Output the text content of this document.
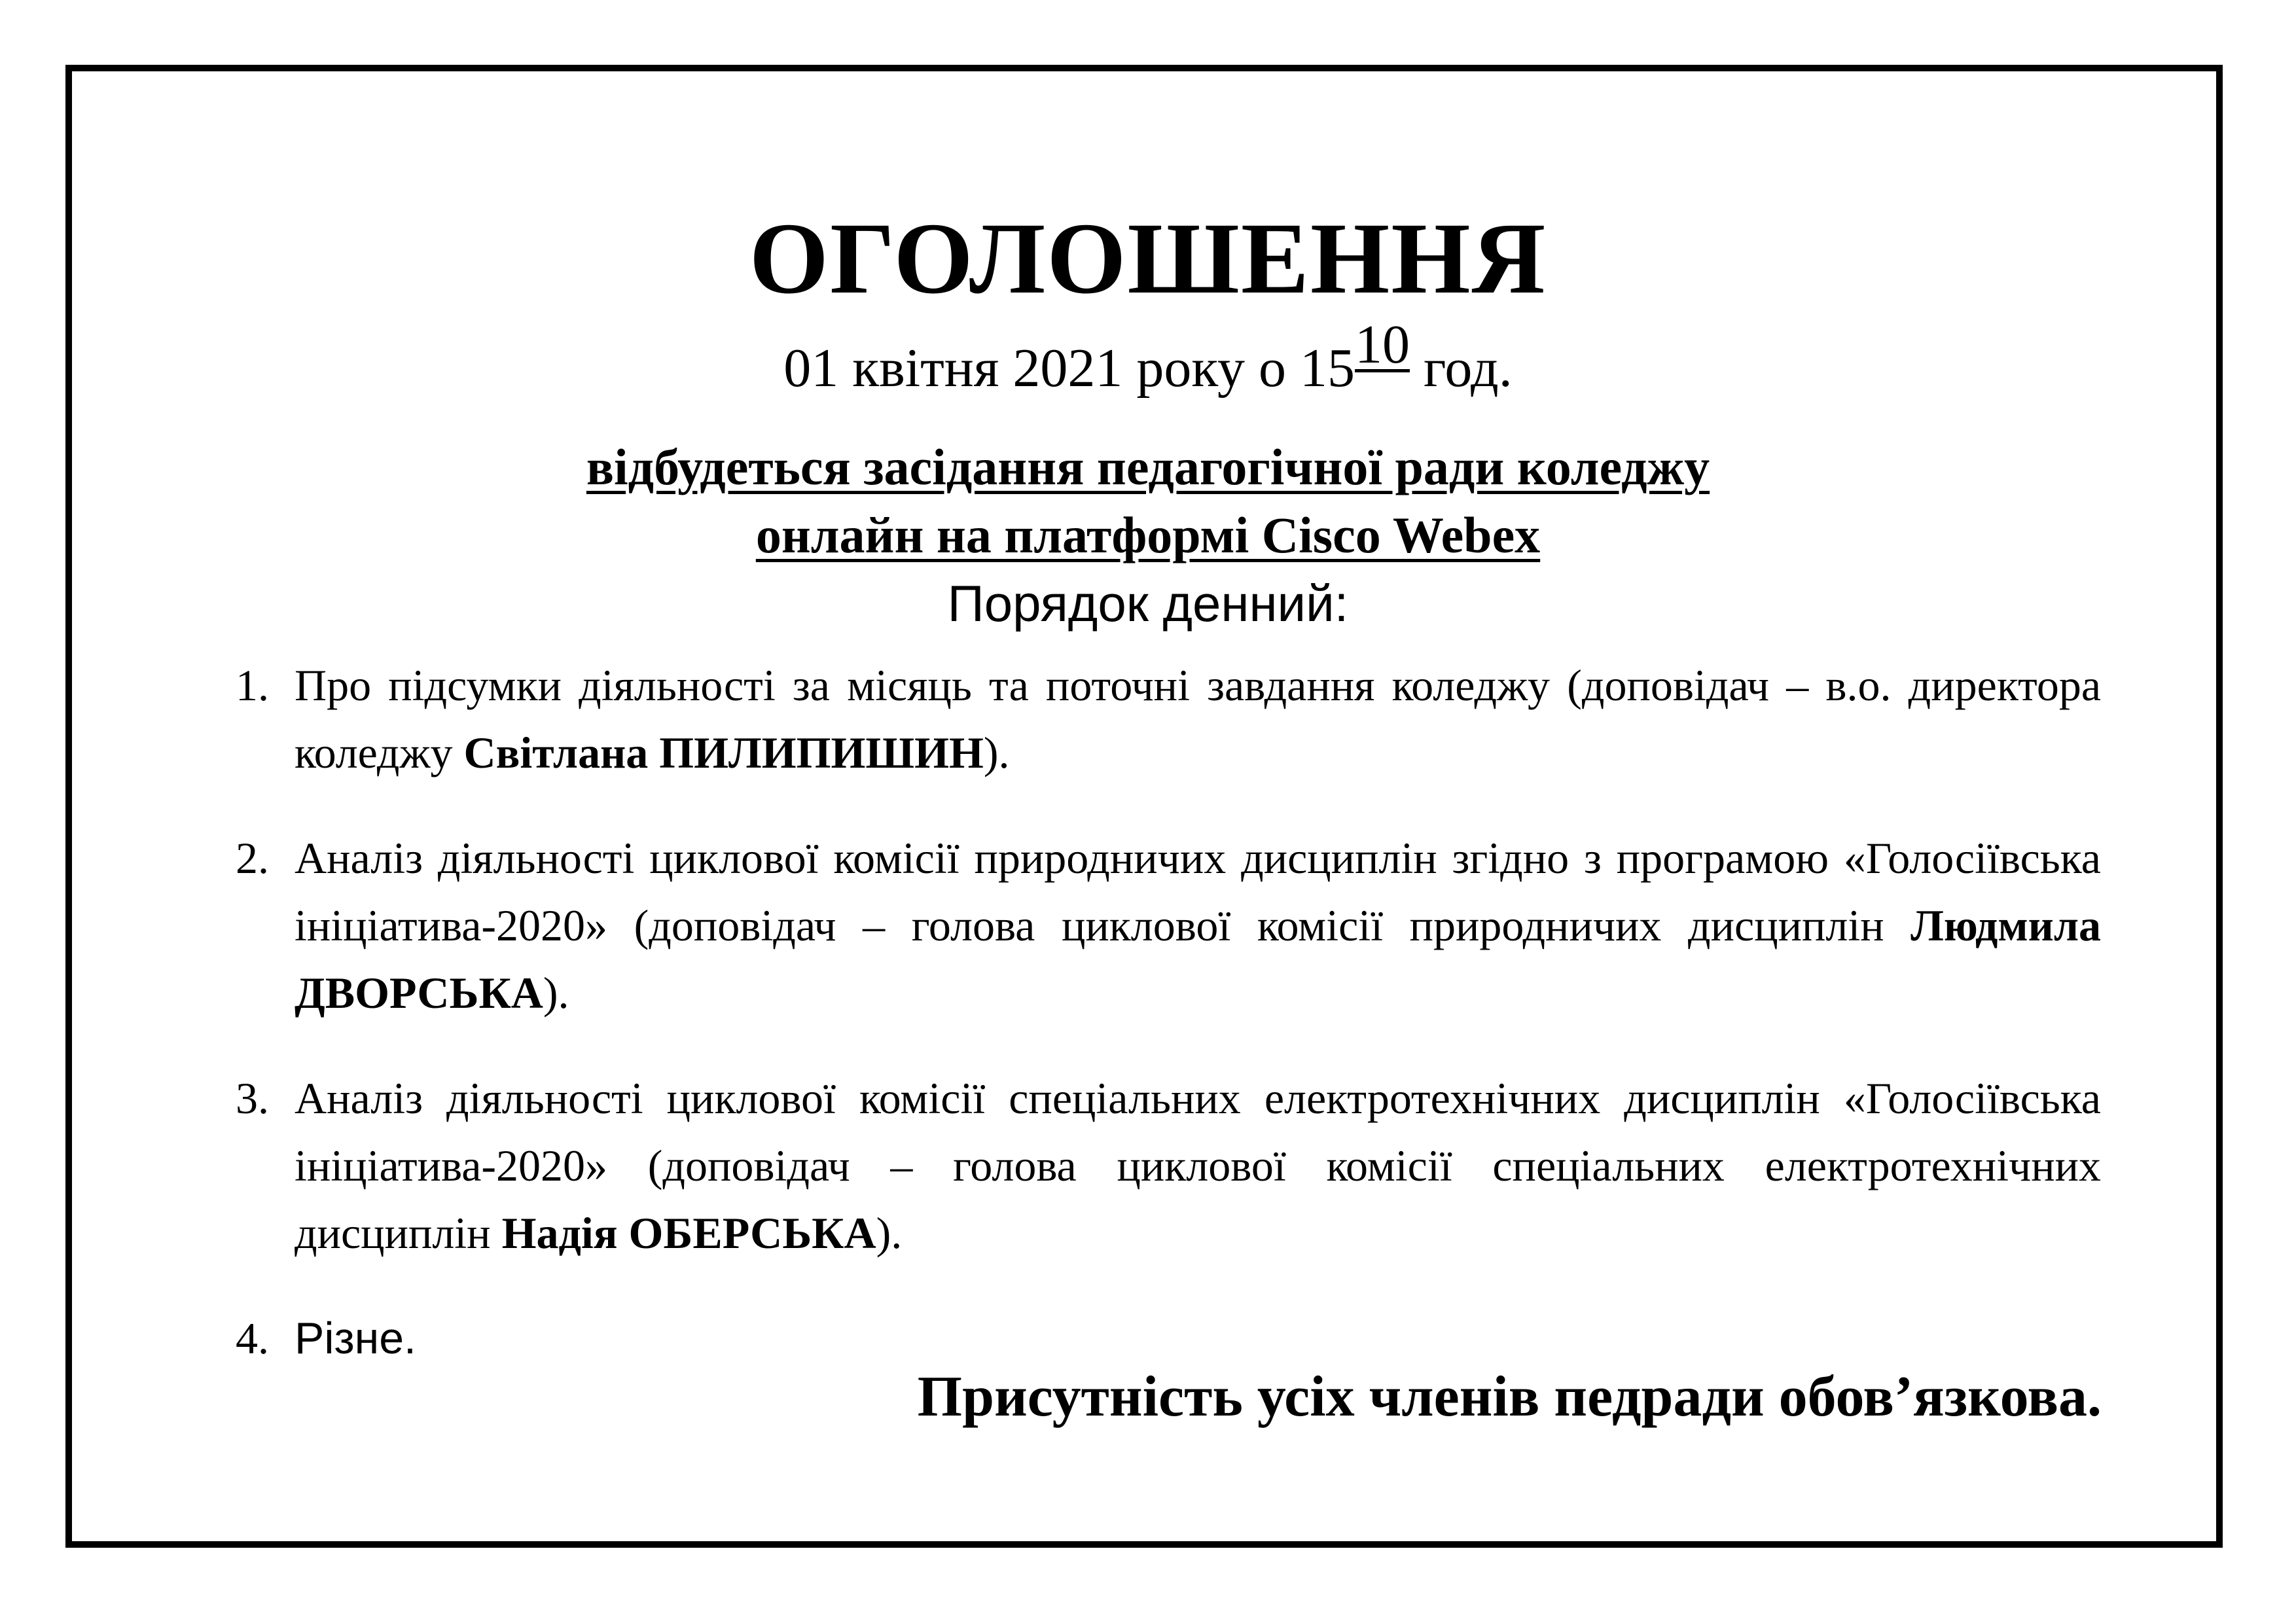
ОГОЛОШЕННЯ
01 квітня 2021 року о 1510 год.
відбудеться засідання педагогічної ради коледжу
онлайн на платформі Cisco Webex
Порядок денний:
1. Про підсумки діяльності за місяць та поточні завдання коледжу (доповідач – в.о. директора коледжу Світлана ПИЛИПИШИН).
2. Аналіз діяльності циклової комісії природничих дисциплін згідно з програмою «Голосіївська ініціатива-2020» (доповідач – голова циклової комісії природничих дисциплін Людмила ДВОРСЬКА).
3. Аналіз діяльності циклової комісії спеціальних електротехнічних дисциплін «Голосіївська ініціатива-2020» (доповідач – голова циклової комісії спеціальних електротехнічних дисциплін Надія ОБЕРСЬКА).
4. Різне.
Присутність усіх членів педради обов’язкова.
